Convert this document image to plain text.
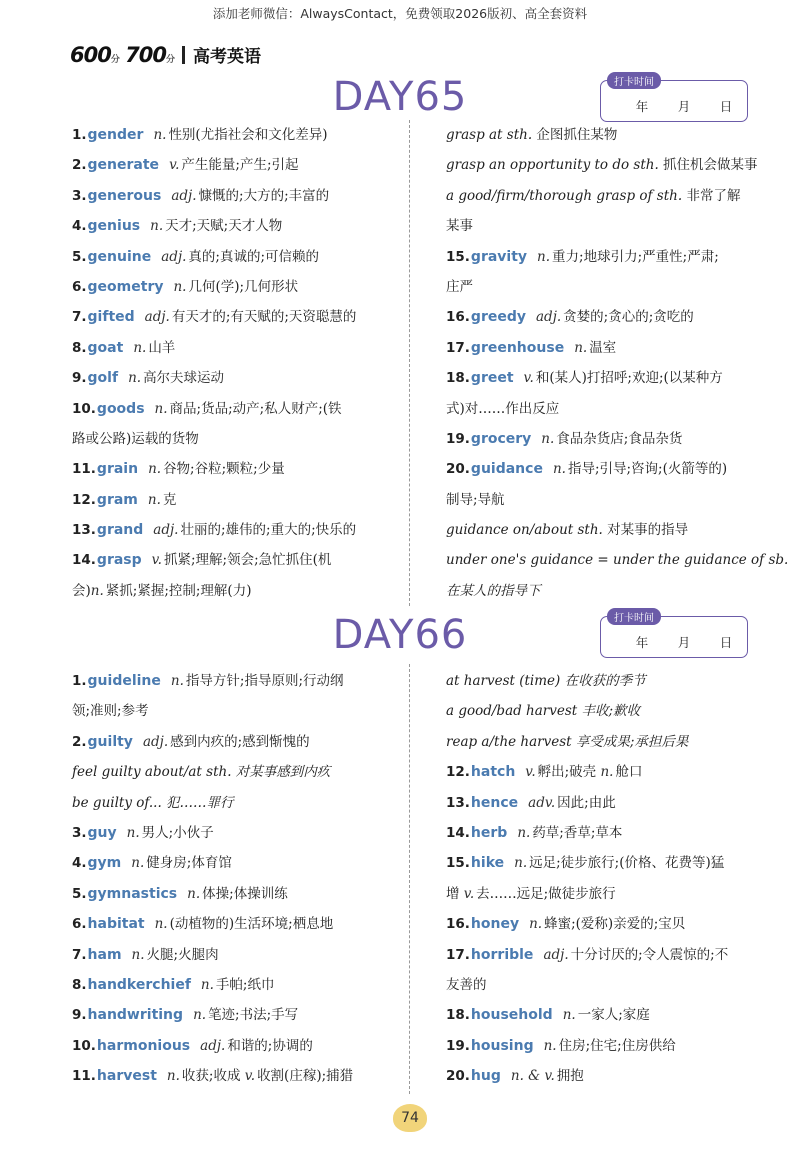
添加老师微信：AlwaysContact，免费领取2026版初、高全套资料
600分 700分 高考英语
DAY65	打卡时间
年 月 日
1.gender n. 性别(尤指社会和文化差异)
2.generate v. 产生能量;产生;引起
3.generous adj. 慷慨的;大方的;丰富的
4.genius n. 天才;天赋;天才人物
5.genuine adj. 真的;真诚的;可信赖的
6.geometry n. 几何(学);几何形状
7.gifted adj. 有天才的;有天赋的;天资聪慧的
8.goat n. 山羊
9.golf n. 高尔夫球运动
10.goods n. 商品;货品;动产;私人财产;(铁
路或公路)运载的货物
11.grain n. 谷物;谷粒;颗粒;少量
12.gram n. 克
13.grand adj. 壮丽的;雄伟的;重大的;快乐的
14.grasp v. 抓紧;理解;领会;急忙抓住(机
会)n. 紧抓;紧握;控制;理解(力)
grasp at sth. 企图抓住某物
grasp an opportunity to do sth. 抓住机会做某事
a good/firm/thorough grasp of sth. 非常了解
某事
15.gravity n. 重力;地球引力;严重性;严肃;
庄严
16.greedy adj. 贪婪的;贪心的;贪吃的
17.greenhouse n. 温室
18.greet v. 和(某人)打招呼;欢迎;(以某种方
式)对……作出反应
19.grocery n. 食品杂货店;食品杂货
20.guidance n. 指导;引导;咨询;(火箭等的)
制导;导航
guidance on/about sth. 对某事的指导
under one's guidance = under the guidance of sb.
在某人的指导下
DAY66	打卡时间
年 月 日
1.guideline n. 指导方针;指导原则;行动纲
领;准则;参考
2.guilty adj. 感到内疚的;感到惭愧的
feel guilty about/at sth. 对某事感到内疚
be guilty of... 犯……罪行
3.guy n. 男人;小伙子
4.gym n. 健身房;体育馆
5.gymnastics n. 体操;体操训练
6.habitat n. (动植物的)生活环境;栖息地
7.ham n. 火腿;火腿肉
8.handkerchief n. 手帕;纸巾
9.handwriting n. 笔迹;书法;手写
10.harmonious adj. 和谐的;协调的
11.harvest n. 收获;收成 v. 收割(庄稼);捕猎
at harvest (time) 在收获的季节
a good/bad harvest 丰收;歉收
reap a/the harvest 享受成果;承担后果
12.hatch v. 孵出;破壳 n. 舱口
13.hence adv. 因此;由此
14.herb n. 药草;香草;草本
15.hike n. 远足;徒步旅行;(价格、花费等)猛
增 v. 去……远足;做徒步旅行
16.honey n. 蜂蜜;(爱称)亲爱的;宝贝
17.horrible adj. 十分讨厌的;令人震惊的;不
友善的
18.household n. 一家人;家庭
19.housing n. 住房;住宅;住房供给
20.hug n. & v. 拥抱
74
